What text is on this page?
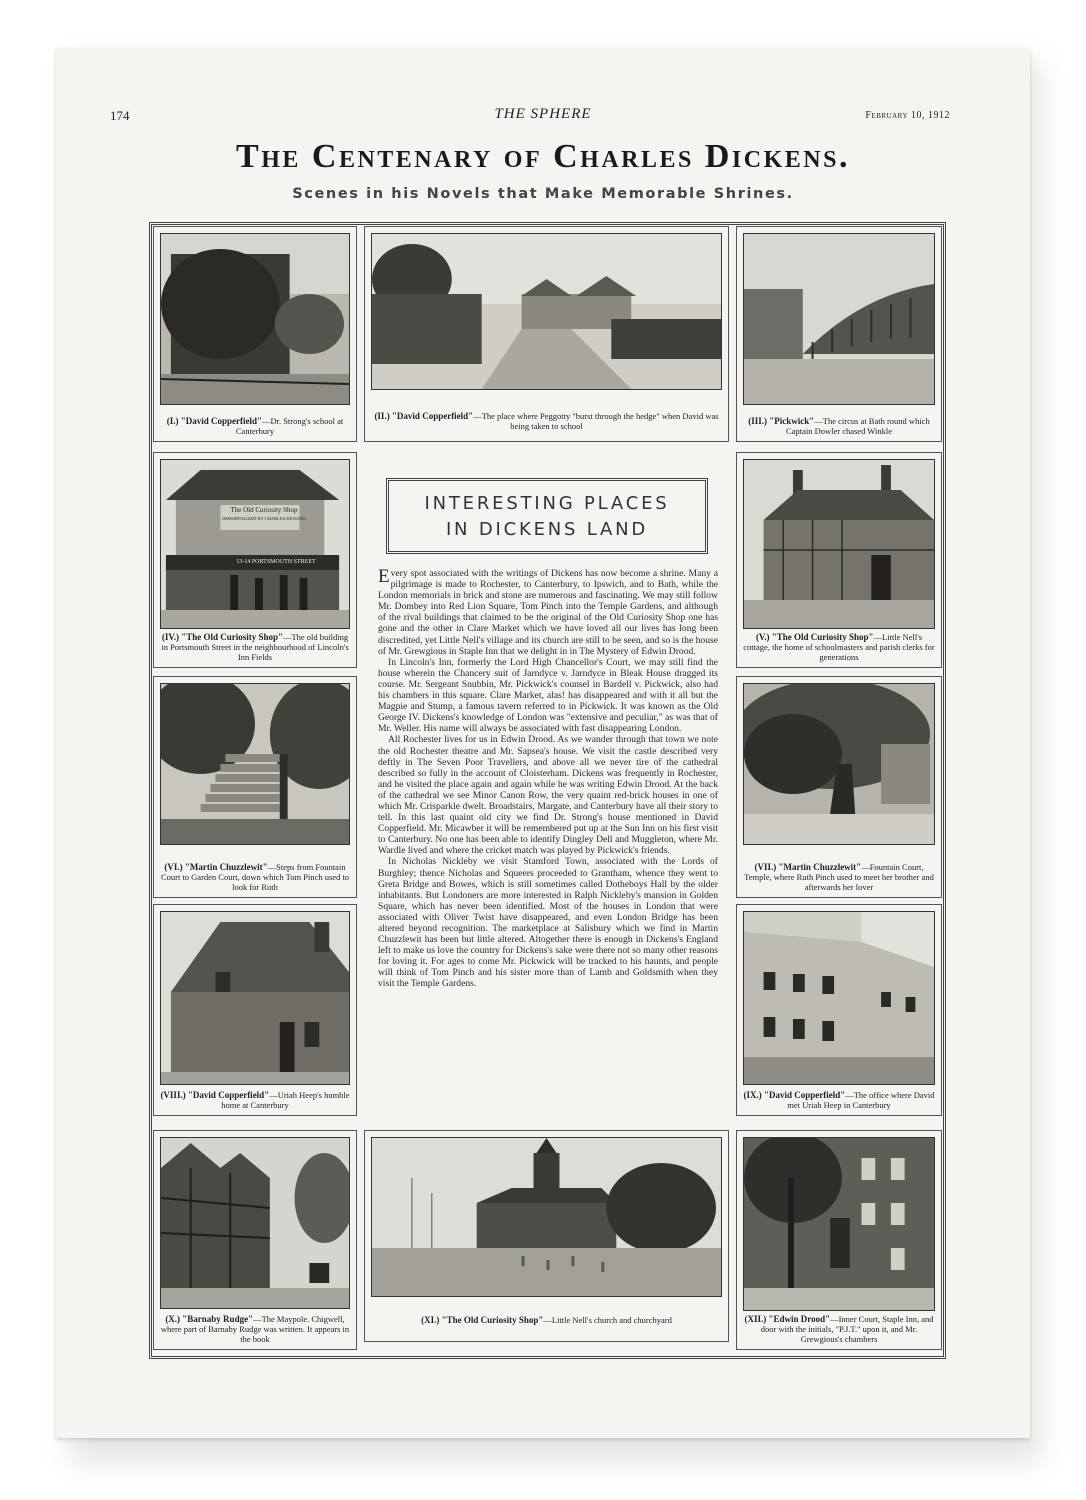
174	THE SPHERE	February 10, 1912
The Centenary of Charles Dickens.
Scenes in his Novels that Make Memorable Shrines.
(I.) "David Copperfield"—Dr. Strong's school at Canterbury
(II.) "David Copperfield"—The place where Peggotty "burst through the hedge" when David was being taken to school	(III.) "Pickwick"—The circus at Bath round which Captain Dowler chased Winkle
The Old Curiosity Shop
IMMORTALIZED BY CHARLES DICKENS
13-14 PORTSMOUTH STREET
(IV.) "The Old Curiosity Shop"—The old building in Portsmouth Street in the neighbourhood of Lincoln's Inn Fields
INTERESTING PLACES
IN DICKENS LAND

Every spot associated with the writings of Dickens has now become a shrine. Many a pilgrimage is made to Rochester, to Canterbury, to Ipswich, and to Bath, while the London memorials in brick and stone are numerous and fascinating. We may still follow Mr. Dombey into Red Lion Square, Tom Pinch into the Temple Gardens, and although of the rival buildings that claimed to be the original of the Old Curiosity Shop one has gone and the other in Clare Market which we have loved all our lives has long been discredited, yet Little Nell's village and its church are still to be seen, and so is the house of Mr. Grewgious in Staple Inn that we delight in in The Mystery of Edwin Drood.

In Lincoln's Inn, formerly the Lord High Chancellor's Court, we may still find the house wherein the Chancery suit of Jarndyce v. Jarndyce in Bleak House dragged its course. Mr. Sergeant Snubbin, Mr. Pickwick's counsel in Bardell v. Pickwick, also had his chambers in this square. Clare Market, alas! has disappeared and with it all but the Magpie and Stump, a famous tavern referred to in Pickwick. It was known as the Old George IV. Dickens's knowledge of London was "extensive and peculiar," as was that of Mr. Weller. His name will always be associated with fast disappearing London.

All Rochester lives for us in Edwin Drood. As we wander through that town we note the old Rochester theatre and Mr. Sapsea's house. We visit the castle described very deftly in The Seven Poor Travellers, and above all we never tire of the cathedral described so fully in the account of Cloisterham. Dickens was frequently in Rochester, and he visited the place again and again while he was writing Edwin Drood. At the back of the cathedral we see Minor Canon Row, the very quaint red-brick houses in one of which Mr. Crisparkle dwelt. Broadstairs, Margate, and Canterbury have all their story to tell. In this last quaint old city we find Dr. Strong's house mentioned in David Copperfield. Mr. Micawber it will be remembered put up at the Sun Inn on his first visit to Canterbury. No one has been able to identify Dingley Dell and Muggleton, where Mr. Wardle lived and where the cricket match was played by Pickwick's friends.

In Nicholas Nickleby we visit Stamford Town, associated with the Lords of Burghley; thence Nicholas and Squeers proceeded to Grantham, whence they went to Greta Bridge and Bowes, which is still sometimes called Dotheboys Hall by the older inhabitants. But Londoners are more interested in Ralph Nickleby's mansion in Golden Square, which has never been identified. Most of the houses in London that were associated with Oliver Twist have disappeared, and even London Bridge has been altered beyond recognition. The marketplace at Salisbury which we find in Martin Chuzzlewit has been but little altered. Altogether there is enough in Dickens's England left to make us love the country for Dickens's sake were there not so many other reasons for loving it. For ages to come Mr. Pickwick will be tracked to his haunts, and people will think of Tom Pinch and his sister more than of Lamb and Goldsmith when they visit the Temple Gardens.

(V.) "The Old Curiosity Shop"—Little Nell's cottage, the home of schoolmasters and parish clerks for generations
(VI.) "Martin Chuzzlewit"—Steps from Fountain Court to Garden Court, down which Tom Pinch used to look for Ruth
(VII.) "Martin Chuzzlewit"—Fountain Court, Temple, where Ruth Pinch used to meet her brother and afterwards her lover
(VIII.) "David Copperfield"—Uriah Heep's humble home at Canterbury
(IX.) "David Copperfield"—The office where David met Uriah Heep in Canterbury
(X.) "Barnaby Rudge"—The Maypole. Chigwell, where part of Barnaby Rudge was written. It appears in the book
(XI.) "The Old Curiosity Shop"—Little Nell's church and churchyard	(XII.) "Edwin Drood"—Inner Court, Staple Inn, and door with the initials, "P.J.T." upon it, and Mr. Grewgious's chambers
